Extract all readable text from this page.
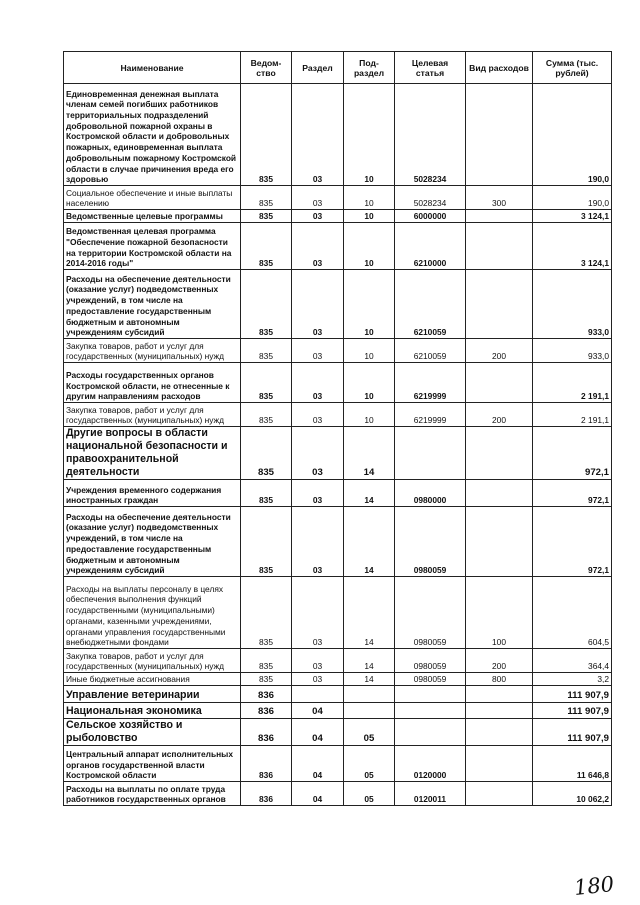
Наименование	Ведом-ство	Раздел	Под-раздел	Целевая статья	Вид расходов	Сумма (тыс. рублей)
Единовременная денежная выплата членам семей погибших работников территориальных подразделений добровольной пожарной охраны в Костромской области и добровольных пожарных, единовременная выплата добровольным пожарному Костромской области в случае причинения вреда его здоровью	835	03	10	5028234		190,0
Социальное обеспечение и иные выплаты населению	835	03	10	5028234	300	190,0
Ведомственные целевые программы	835	03	10	6000000		3 124,1
Ведомственная целевая программа "Обеспечение пожарной безопасности на территории Костромской области на 2014-2016 годы"	835	03	10	6210000		3 124,1
Расходы на обеспечение деятельности (оказание услуг) подведомственных учреждений, в том числе на предоставление государственным бюджетным и автономным учреждениям субсидий	835	03	10	6210059		933,0
Закупка товаров, работ и услуг для государственных (муниципальных) нужд	835	03	10	6210059	200	933,0
Расходы государственных органов Костромской области, не отнесенные к другим направлениям расходов	835	03	10	6219999		2 191,1
Закупка товаров, работ и услуг для государственных (муниципальных) нужд	835	03	10	6219999	200	2 191,1
Другие вопросы в области национальной безопасности и правоохранительной деятельности	835	03	14			972,1
Учреждения временного содержания иностранных граждан	835	03	14	0980000		972,1
Расходы на обеспечение деятельности (оказание услуг) подведомственных учреждений, в том числе на предоставление государственным бюджетным и автономным учреждениям субсидий	835	03	14	0980059		972,1
Расходы на выплаты персоналу в целях обеспечения выполнения функций государственными (муниципальными) органами, казенными учреждениями, органами управления государственными внебюджетными фондами	835	03	14	0980059	100	604,5
Закупка товаров, работ и услуг для государственных (муниципальных) нужд	835	03	14	0980059	200	364,4
Иные бюджетные ассигнования	835	03	14	0980059	800	3,2
Управление ветеринарии	836					111 907,9
Национальная экономика	836	04				111 907,9
Сельское хозяйство и рыболовство	836	04	05			111 907,9
Центральный аппарат исполнительных органов государственной власти Костромской области	836	04	05	0120000		11 646,8
Расходы на выплаты по оплате труда работников государственных органов	836	04	05	0120011		10 062,2
180
